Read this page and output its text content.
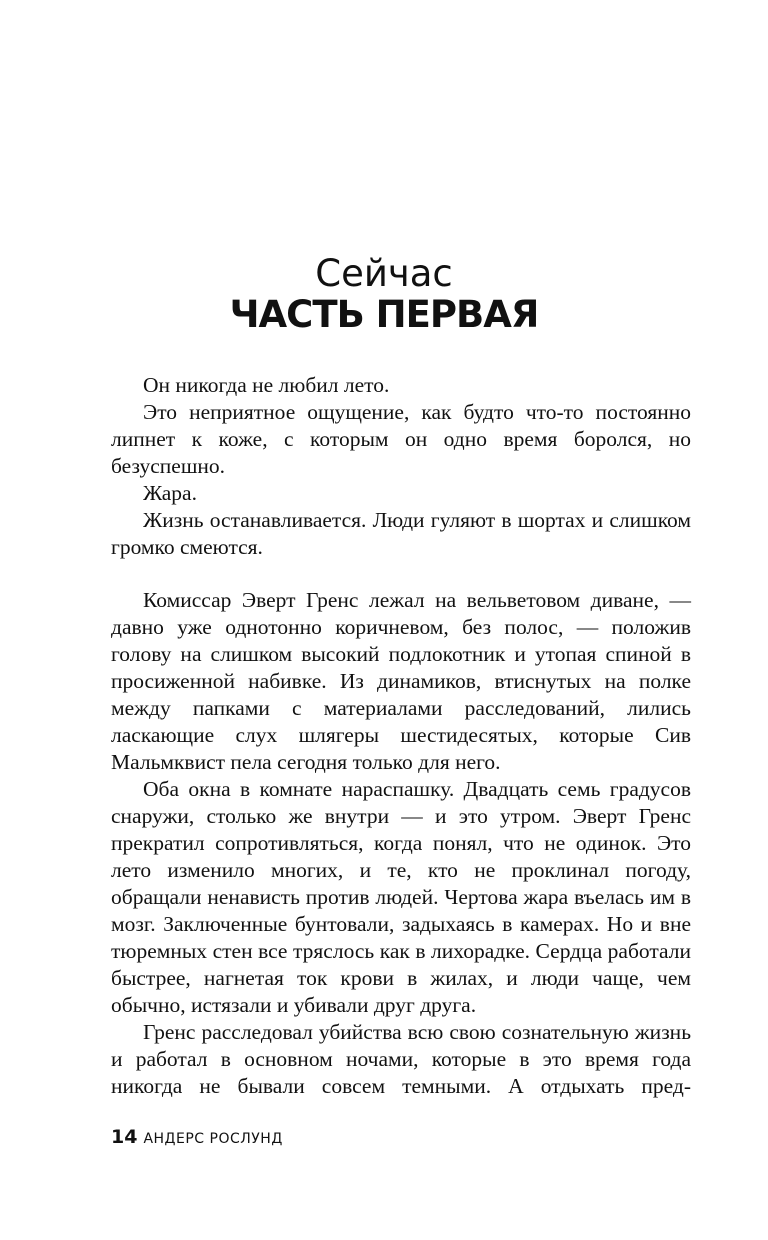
Сейчас
ЧАСТЬ ПЕРВАЯ

Он никогда не любил лето.

Это неприятное ощущение, как будто что-то постоянно липнет к коже, с которым он одно время боролся, но безуспешно.

Жара.

Жизнь останавливается. Люди гуляют в шортах и слишком громко смеются.

Комиссар Эверт Гренс лежал на вельветовом диване, — давно уже однотонно коричневом, без полос, — положив голову на слишком высокий подлокотник и утопая спиной в просиженной набивке. Из динамиков, втиснутых на полке между папками с материалами расследований, лились ласкающие слух шлягеры шестидесятых, которые Сив Мальмквист пела сегодня только для него.

Оба окна в комнате нараспашку. Двадцать семь градусов снаружи, столько же внутри — и это утром. Эверт Гренс прекратил сопротивляться, когда понял, что не одинок. Это лето изменило многих, и те, кто не проклинал погоду, обращали ненависть против людей. Чертова жара въелась им в мозг. Заключенные бунтовали, задыхаясь в камерах. Но и вне тюремных стен все тряслось как в лихорадке. Сердца работали быстрее, нагнетая ток крови в жилах, и люди чаще, чем обычно, истязали и убивали друг друга.

Гренс расследовал убийства всю свою сознательную жизнь и работал в основном ночами, которые в это время года никогда не бывали совсем темными. А отдыхать пред-

14 АНДЕРС РОСЛУНД
